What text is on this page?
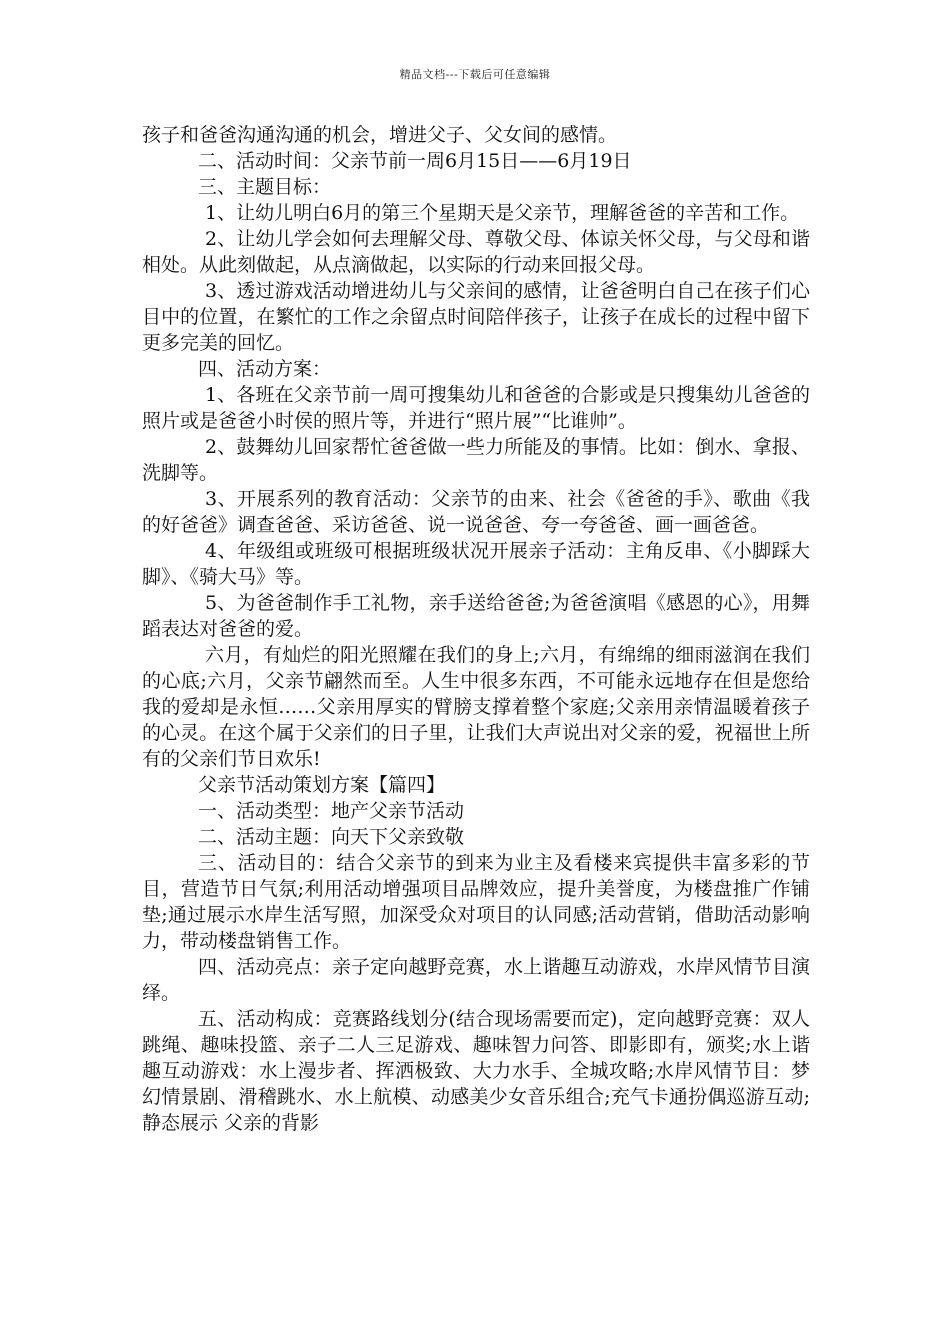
精品文档---下载后可任意编辑

孩子和爸爸沟通沟通的机会，增进父子、父女间的感情。

二、活动时间：父亲节前一周6月15日——6月19日

三、主题目标：

1、让幼儿明白6月的第三个星期天是父亲节，理解爸爸的辛苦和工作。

2、让幼儿学会如何去理解父母、尊敬父母、体谅关怀父母，与父母和谐相处。从此刻做起，从点滴做起，以实际的行动来回报父母。

3、透过游戏活动增进幼儿与父亲间的感情，让爸爸明白自己在孩子们心目中的位置，在繁忙的工作之余留点时间陪伴孩子，让孩子在成长的过程中留下更多完美的回忆。

四、活动方案：

1、各班在父亲节前一周可搜集幼儿和爸爸的合影或是只搜集幼儿爸爸的照片或是爸爸小时侯的照片等，并进行“照片展”“比谁帅”。

2、鼓舞幼儿回家帮忙爸爸做一些力所能及的事情。比如：倒水、拿报、洗脚等。

3、开展系列的教育活动：父亲节的由来、社会《爸爸的手》、歌曲《我的好爸爸》调查爸爸、采访爸爸、说一说爸爸、夸一夸爸爸、画一画爸爸。

4、年级组或班级可根据班级状况开展亲子活动：主角反串、《小脚踩大脚》、《骑大马》等。

5、为爸爸制作手工礼物，亲手送给爸爸;为爸爸演唱《感恩的心》，用舞蹈表达对爸爸的爱。

六月，有灿烂的阳光照耀在我们的身上;六月，有绵绵的细雨滋润在我们的心底;六月，父亲节翩然而至。人生中很多东西，不可能永远地存在但是您给我的爱却是永恒……父亲用厚实的臂膀支撑着整个家庭;父亲用亲情温暖着孩子的心灵。在这个属于父亲们的日子里，让我们大声说出对父亲的爱，祝福世上所有的父亲们节日欢乐!

父亲节活动策划方案【篇四】

一、活动类型：地产父亲节活动

二、活动主题：向天下父亲致敬

三、活动目的：结合父亲节的到来为业主及看楼来宾提供丰富多彩的节目，营造节日气氛;利用活动增强项目品牌效应，提升美誉度，为楼盘推广作铺垫;通过展示水岸生活写照，加深受众对项目的认同感;活动营销，借助活动影响力，带动楼盘销售工作。

四、活动亮点：亲子定向越野竞赛，水上谐趣互动游戏，水岸风情节目演绎。

五、活动构成：竞赛路线划分(结合现场需要而定)，定向越野竞赛：双人跳绳、趣味投篮、亲子二人三足游戏、趣味智力问答、即影即有，颁奖;水上谐趣互动游戏：水上漫步者、挥洒极致、大力水手、全城攻略;水岸风情节目：梦幻情景剧、滑稽跳水、水上航模、动感美少女音乐组合;充气卡通扮偶巡游互动;静态展示 父亲的背影
